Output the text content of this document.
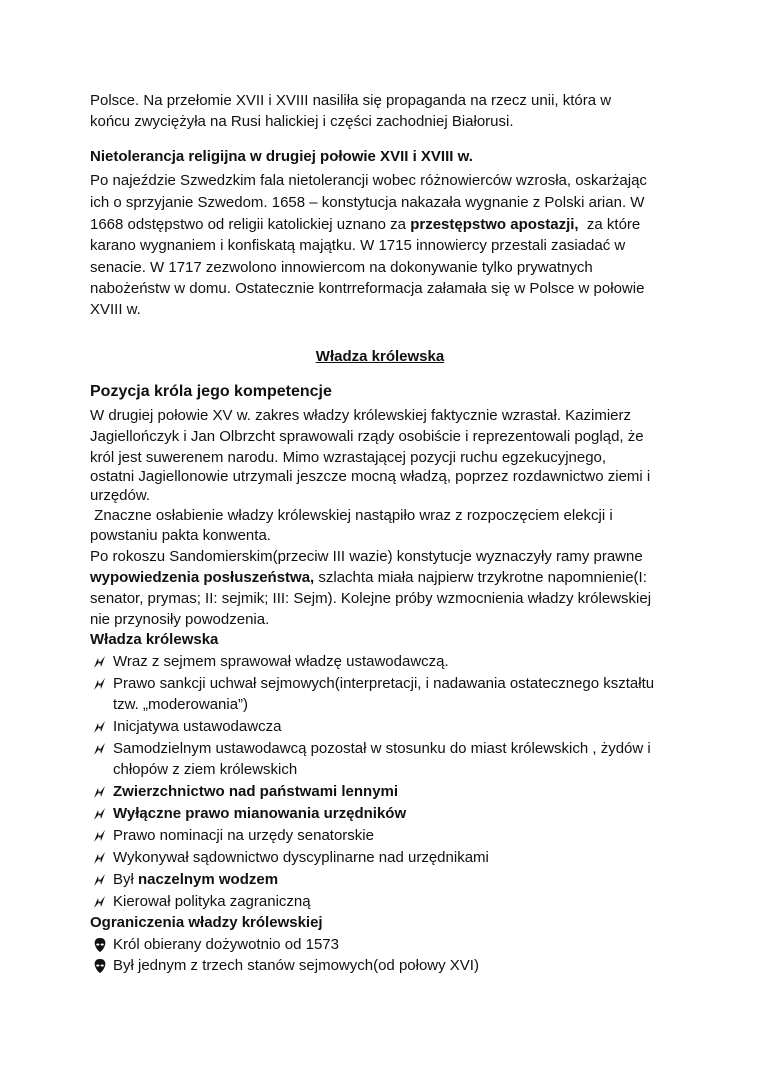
Polsce. Na przełomie XVII i XVIII nasiliła się propaganda na rzecz unii, która w
końcu zwyciężyła na Rusi halickiej i części zachodniej Białorusi.
Nietolerancja religijna w drugiej połowie XVII i XVIII w.
Po najeździe Szwedzkim fala nietolerancji wobec różnowierców wzrosła, oskarżając
ich o sprzyjanie Szwedom. 1658 – konstytucja nakazała wygnanie z Polski arian. W
1668 odstępstwo od religii katolickiej uznano za przestępstwo apostazji,  za które
karano wygnaniem i konfiskatą majątku. W 1715 innowiercy przestali zasiadać w
senacie. W 1717 zezwolono innowiercom na dokonywanie tylko prywatnych
nabożeństw w domu. Ostatecznie kontrreformacja załamała się w Polsce w połowie
XVIII w.
Władza królewska
Pozycja króla jego kompetencje
W drugiej połowie XV w. zakres władzy królewskiej faktycznie wzrastał. Kazimierz
Jagiellończyk i Jan Olbrzcht sprawowali rządy osobiście i reprezentowali pogląd, że
król jest suwerenem narodu. Mimo wzrastającej pozycji ruchu egzekucyjnego,
ostatni Jagiellonowie utrzymali jeszcze mocną władzą, poprzez rozdawnictwo ziemi i
urzędów.
Znaczne osłabienie władzy królewskiej nastąpiło wraz z rozpoczęciem elekcji i
powstaniu pakta konwenta.
Po rokoszu Sandomierskim(przeciw III wazie) konstytucje wyznaczyły ramy prawne
wypowiedzenia posłuszeństwa, szlachta miała najpierw trzykrotne napomnienie(I:
senator, prymas; II: sejmik; III: Sejm). Kolejne próby wzmocnienia władzy królewskiej
nie przynosiły powodzenia.
Władza królewska
Ograniczenia władzy królewskiej
Wraz z sejmem sprawował władzę ustawodawczą.
Prawo sankcji uchwał sejmowych(interpretacji, i nadawania ostatecznego kształtu
tzw. „moderowania”)
Inicjatywa ustawodawcza
Samodzielnym ustawodawcą pozostał w stosunku do miast królewskich , żydów i
chłopów z ziem królewskich
Zwierzchnictwo nad państwami lennymi
Wyłączne prawo mianowania urzędników
Prawo nominacji na urzędy senatorskie
Wykonywał sądownictwo dyscyplinarne nad urzędnikami
Był naczelnym wodzem
Kierował polityka zagraniczną
Król obierany dożywotnio od 1573
Był jednym z trzech stanów sejmowych(od połowy XVI)
